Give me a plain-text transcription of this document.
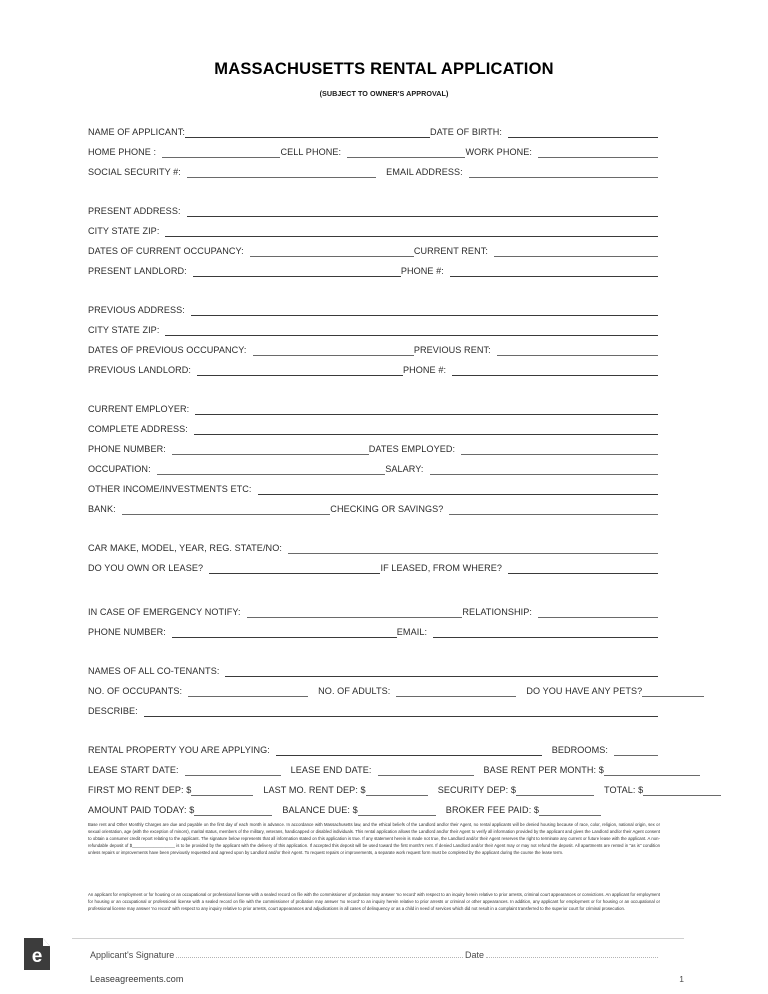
MASSACHUSETTS RENTAL APPLICATION
(SUBJECT TO OWNER'S APPROVAL)
NAME OF APPLICANT:	DATE OF BIRTH:
HOME PHONE :	CELL PHONE:	WORK PHONE:
SOCIAL SECURITY #:	EMAIL ADDRESS:
PRESENT ADDRESS:
CITY STATE ZIP:
DATES OF CURRENT OCCUPANCY:	CURRENT RENT:
PRESENT LANDLORD:	PHONE #:
PREVIOUS ADDRESS:
CITY STATE ZIP:
DATES OF PREVIOUS OCCUPANCY:	PREVIOUS RENT:
PREVIOUS LANDLORD:	PHONE #:
CURRENT EMPLOYER:
COMPLETE ADDRESS:
PHONE NUMBER:	DATES EMPLOYED:
OCCUPATION:	SALARY:
OTHER INCOME/INVESTMENTS ETC:
BANK:	CHECKING OR SAVINGS?
CAR MAKE, MODEL, YEAR, REG. STATE/NO:
DO YOU OWN OR LEASE?	IF LEASED, FROM WHERE?
IN CASE OF EMERGENCY NOTIFY:	RELATIONSHIP:
PHONE NUMBER:	EMAIL:
NAMES OF ALL CO-TENANTS:
NO. OF OCCUPANTS:	NO. OF ADULTS:	DO YOU HAVE ANY PETS?
DESCRIBE:
RENTAL PROPERTY YOU ARE APPLYING:	BEDROOMS:
LEASE START DATE:	LEASE END DATE:	BASE RENT PER MONTH: $
FIRST MO RENT DEP: $	LAST MO. RENT DEP: $	SECURITY DEP: $	TOTAL: $
AMOUNT PAID TODAY: $	BALANCE DUE: $	BROKER FEE PAID: $
Base rent and Other Monthly Charges are due and payable on the first day of each month in advance. In accordance with Massachusetts law, and the ethical beliefs of the Landlord and/or their Agent, no rental applicants will be denied housing because of race, color, religion, national origin, sex or sexual orientation, age (with the exception of minors), marital status, members of the military, veterans, handicapped or disabled individuals. This rental application allows the Landlord and/or their Agent to verify all information provided by the applicant and gives the Landlord and/or their Agent consent to obtain a consumer credit report relating to the applicant. The signature below represents that all information stated on this application is true. If any statement herein is made not true, the Landlord and/or their Agent reserves the right to terminate any current or future lease with the applicant. A non-refundable deposit of $__________________ is to be provided by the applicant with the delivery of this application. If accepted this deposit will be used toward the first month's rent. If denied Landlord and/or their Agent may or may not refund the deposit. All apartments are rented in "as is" condition unless repairs or improvements have been previously requested and agreed upon by Landlord and/or their Agent. To request repairs or improvements, a separate work request form must be completed by the applicant during the course the lease term.
An applicant for employment or for housing or an occupational or professional license with a sealed record on file with the commissioner of probation may answer 'no record' with respect to an inquiry herein relative to prior arrests, criminal court appearances or convictions. An applicant for employment for housing or an occupational or professional license with a sealed record on file with the commissioner of probation may answer 'no record' to an inquiry herein relative to prior arrests or criminal or other appearances. In addition, any applicant for employment or for housing or an occupational or professional license may answer 'no record' with respect to any inquiry relative to prior arrests, court appearances and adjudications in all cases of delinquency or as a child in need of services which did not result in a complaint transferred to the superior court for criminal prosecution.
e	Applicant's Signature	Date
Leaseagreements.com	1
